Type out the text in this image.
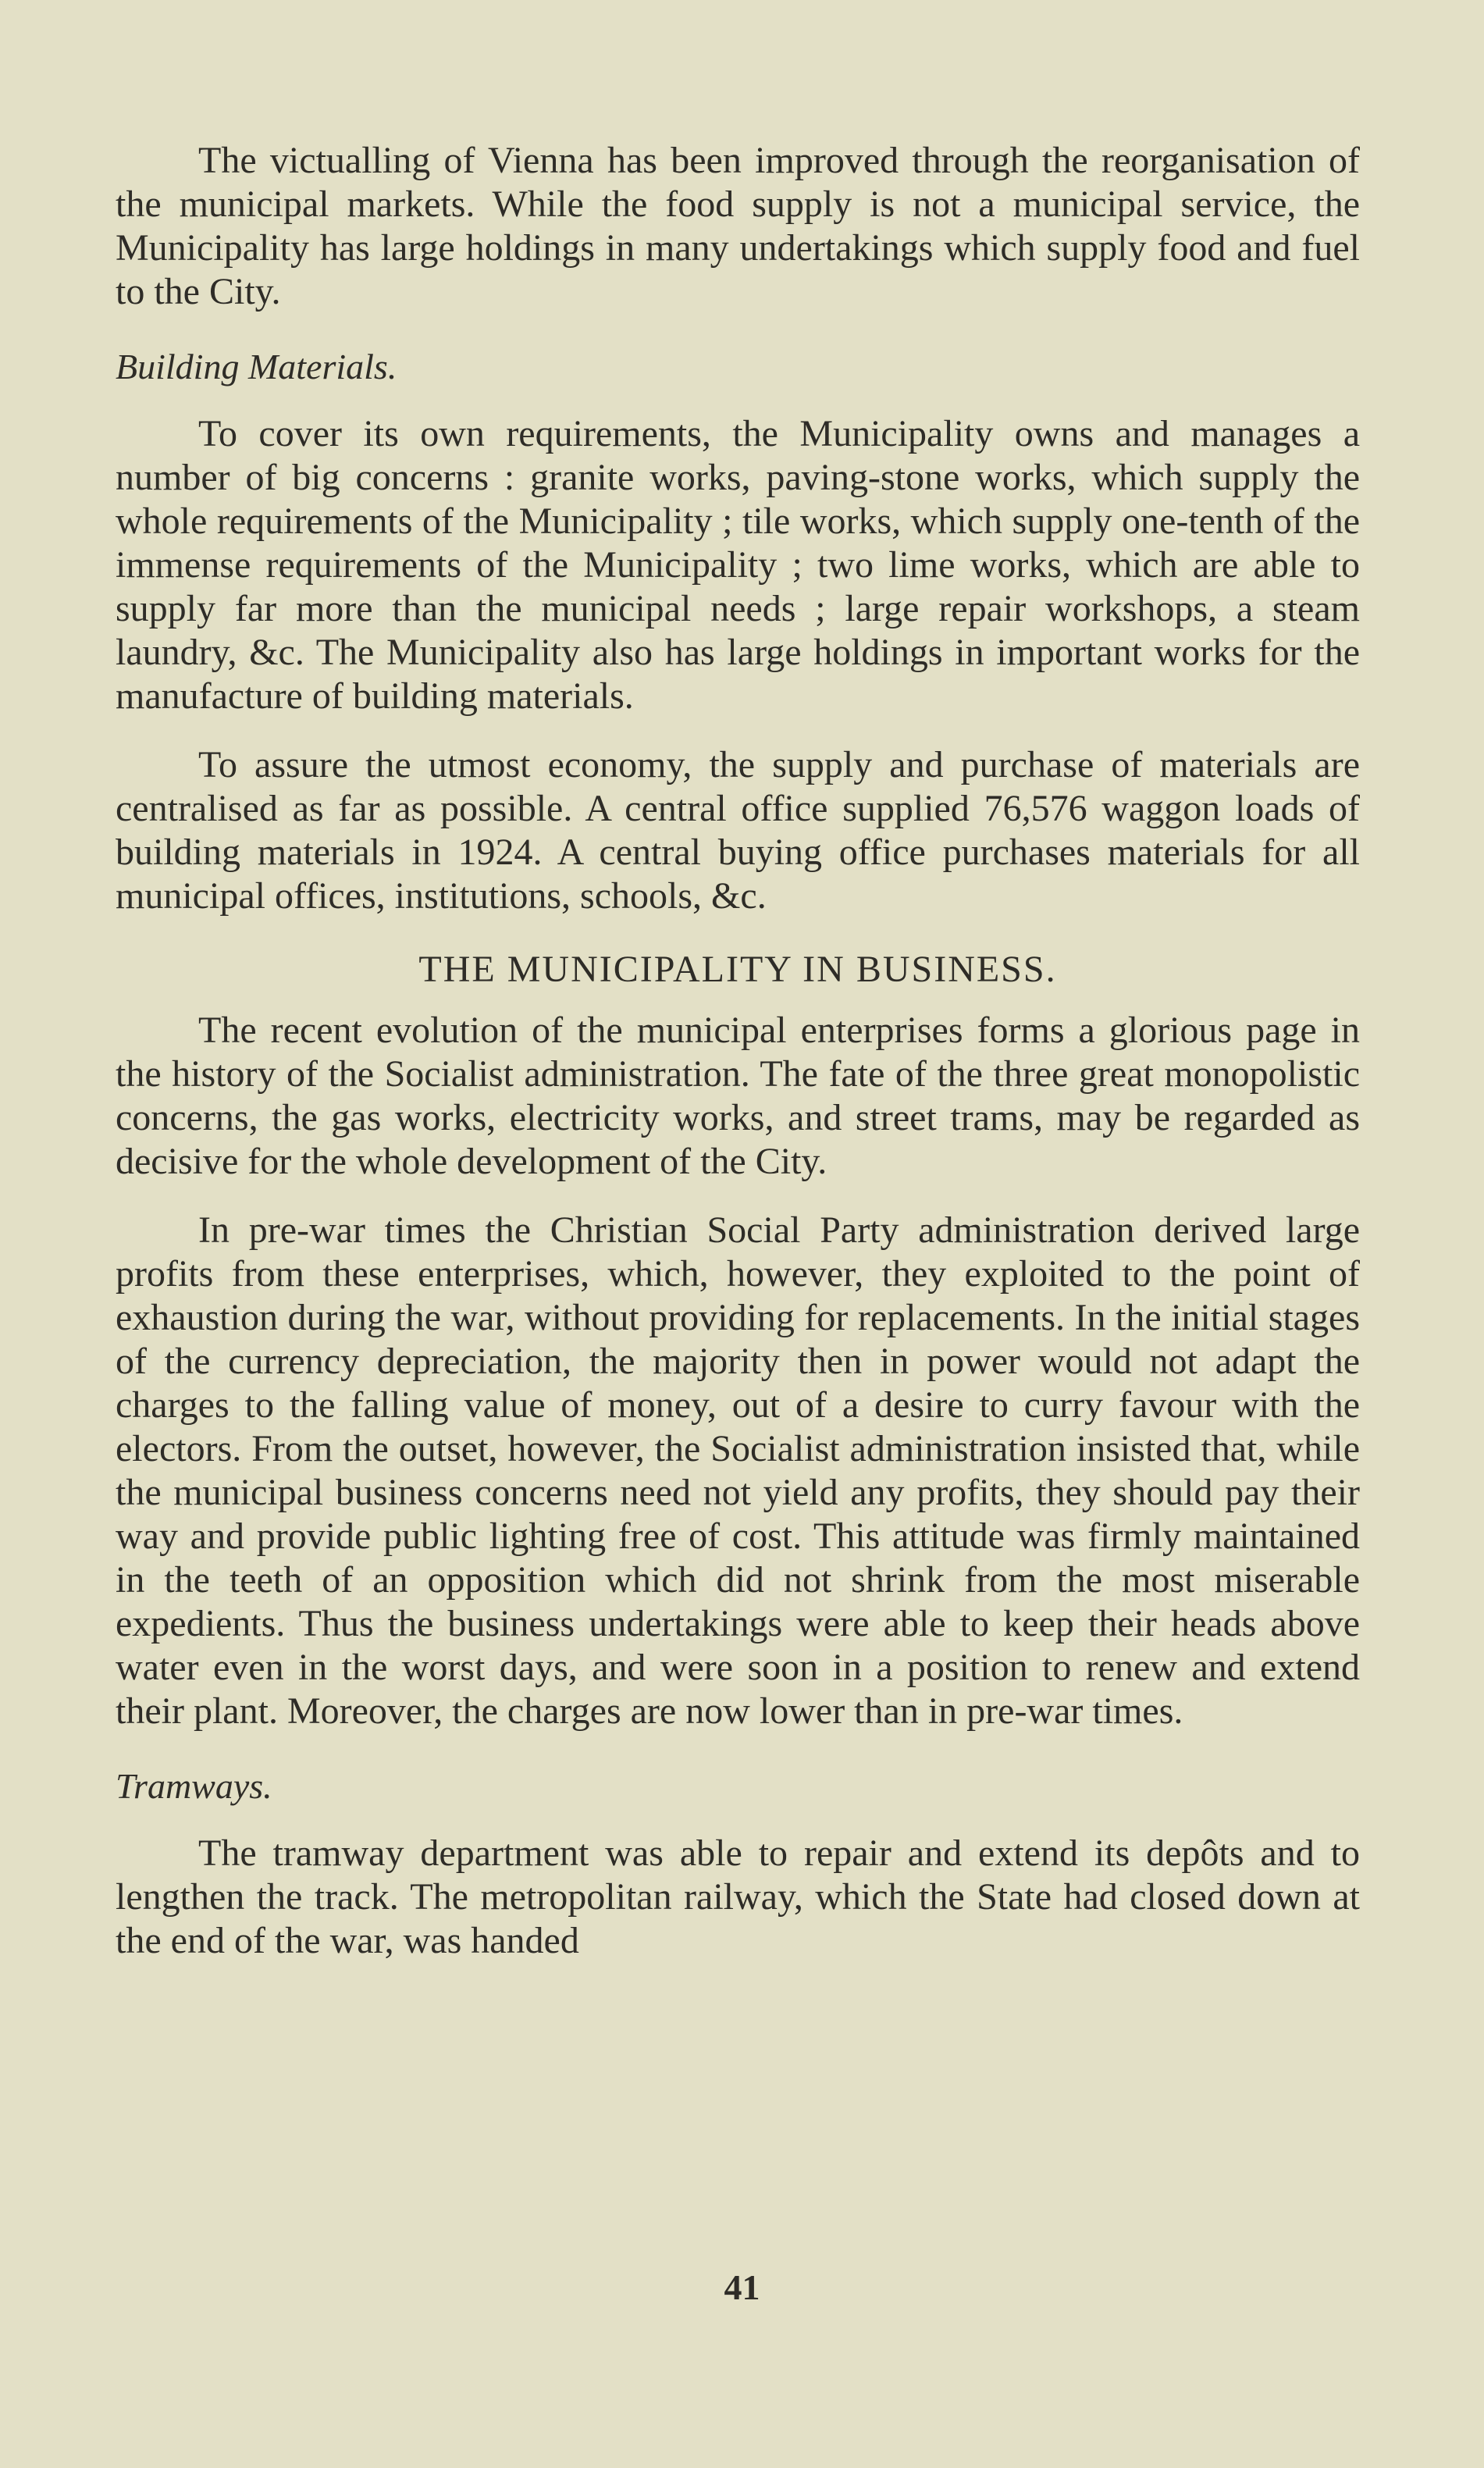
The victualling of Vienna has been improved through the reorganisation of the municipal markets. While the food supply is not a municipal service, the Municipality has large holdings in many undertakings which supply food and fuel to the City.

Building Materials.

To cover its own requirements, the Municipality owns and manages a number of big concerns : granite works, paving-stone works, which supply the whole requirements of the Municipality ; tile works, which supply one-tenth of the immense requirements of the Municipality ; two lime works, which are able to supply far more than the municipal needs ; large repair workshops, a steam laundry, &c. The Municipality also has large holdings in important works for the manufacture of building materials.

To assure the utmost economy, the supply and purchase of materials are centralised as far as possible. A central office supplied 76,576 waggon loads of building materials in 1924. A central buying office purchases materials for all municipal offices, institutions, schools, &c.

THE MUNICIPALITY IN BUSINESS.

The recent evolution of the municipal enterprises forms a glorious page in the history of the Socialist administration. The fate of the three great monopolistic concerns, the gas works, electricity works, and street trams, may be regarded as decisive for the whole development of the City.

In pre-war times the Christian Social Party administration derived large profits from these enterprises, which, however, they exploited to the point of exhaustion during the war, without providing for replacements. In the initial stages of the currency depreciation, the majority then in power would not adapt the charges to the falling value of money, out of a desire to curry favour with the electors. From the outset, however, the Socialist administration insisted that, while the municipal business concerns need not yield any profits, they should pay their way and provide public lighting free of cost. This attitude was firmly maintained in the teeth of an opposition which did not shrink from the most miserable expedients. Thus the business undertakings were able to keep their heads above water even in the worst days, and were soon in a position to renew and extend their plant. Moreover, the charges are now lower than in pre-war times.

Tramways.

The tramway department was able to repair and extend its depôts and to lengthen the track. The metropolitan railway, which the State had closed down at the end of the war, was handed

41
